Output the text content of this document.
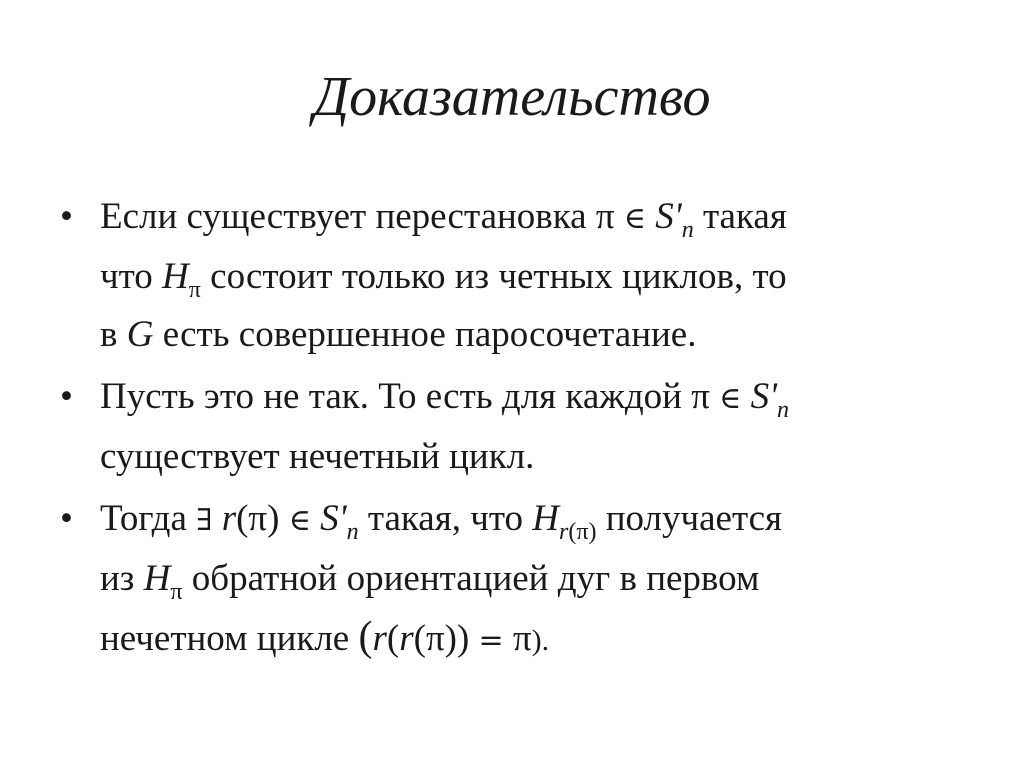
Доказательство
• Если существует перестановка π ∈ $S'_n$ такая
что $H_\pi$ состоит только из четных циклов, то
в G есть совершенное паросочетание.
• Пусть это не так. То есть для каждой π ∈ $S'_n$
существует нечетный цикл.
• Тогда ∃ r(π) ∈ $S'_n$ такая, что $H_{r(\pi)}$ получается
из $H_\pi$ обратной ориентацией дуг в первом
нечетном цикле (r(r(π)) = π).
